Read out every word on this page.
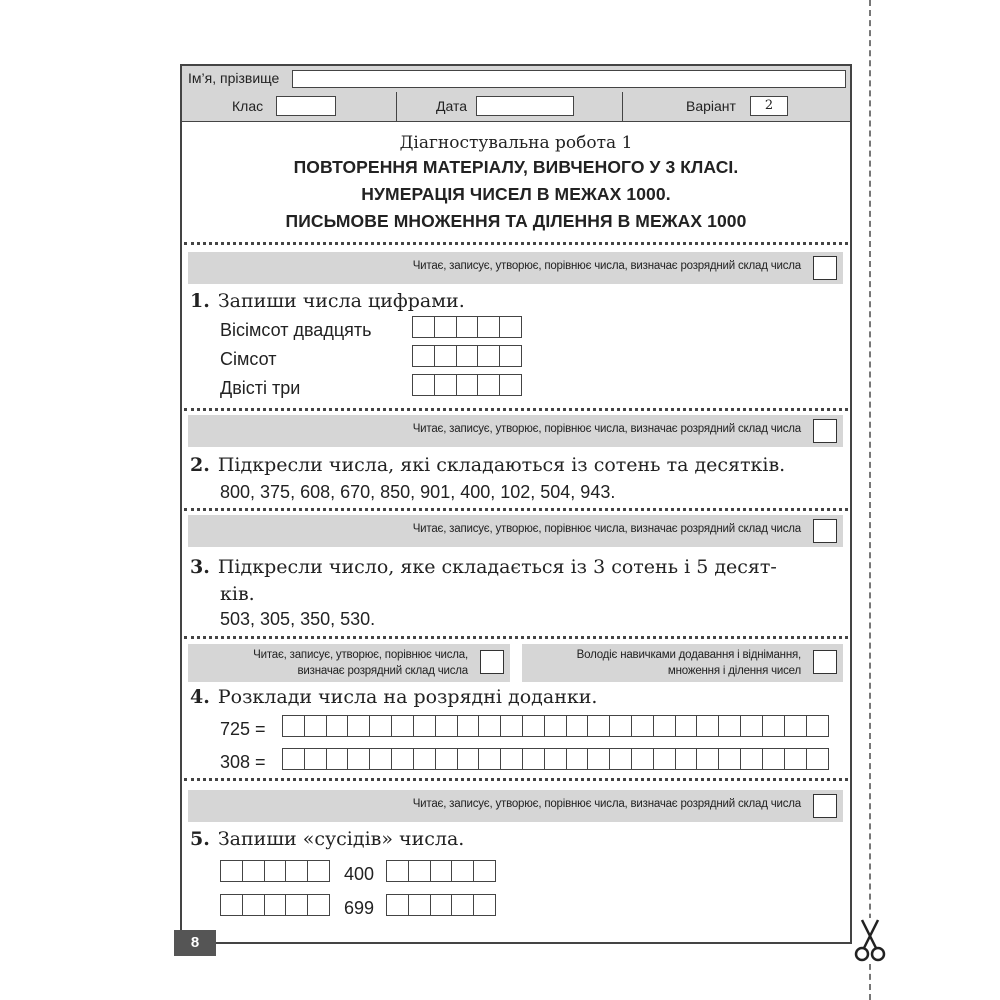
Ім’я, прізвище
Клас	Дата	Варіант	2
Діагностувальна робота 1
ПОВТОРЕННЯ МАТЕРІАЛУ, ВИВЧЕНОГО У 3 КЛАСІ.
НУМЕРАЦІЯ ЧИСЕЛ В МЕЖАХ 1000.
ПИСЬМОВЕ МНОЖЕННЯ ТА ДІЛЕННЯ В МЕЖАХ 1000
Читає, записує, утворює, порівнює числа, визначає розрядний склад числа
1. Запиши числа цифрами.
Вісімсот двадцять
Сімсот
Двісті три
Читає, записує, утворює, порівнює числа, визначає розрядний склад числа
2. Підкресли числа, які складаються із сотень та десятків.
800, 375, 608, 670, 850, 901, 400, 102, 504, 943.
Читає, записує, утворює, порівнює числа, визначає розрядний склад числа
3. Підкресли число, яке складається із 3 сотень і 5 десят-
ків.
503, 305, 350, 530.
Читає, записує, утворює, порівнює числа,
визначає розрядний склад числа
Володіє навичками додавання і віднімання,
множення і ділення чисел
4. Розклади числа на розрядні доданки.
725 =
308 =
Читає, записує, утворює, порівнює числа, визначає розрядний склад числа
5. Запиши «сусідів» числа.
400
699
8
